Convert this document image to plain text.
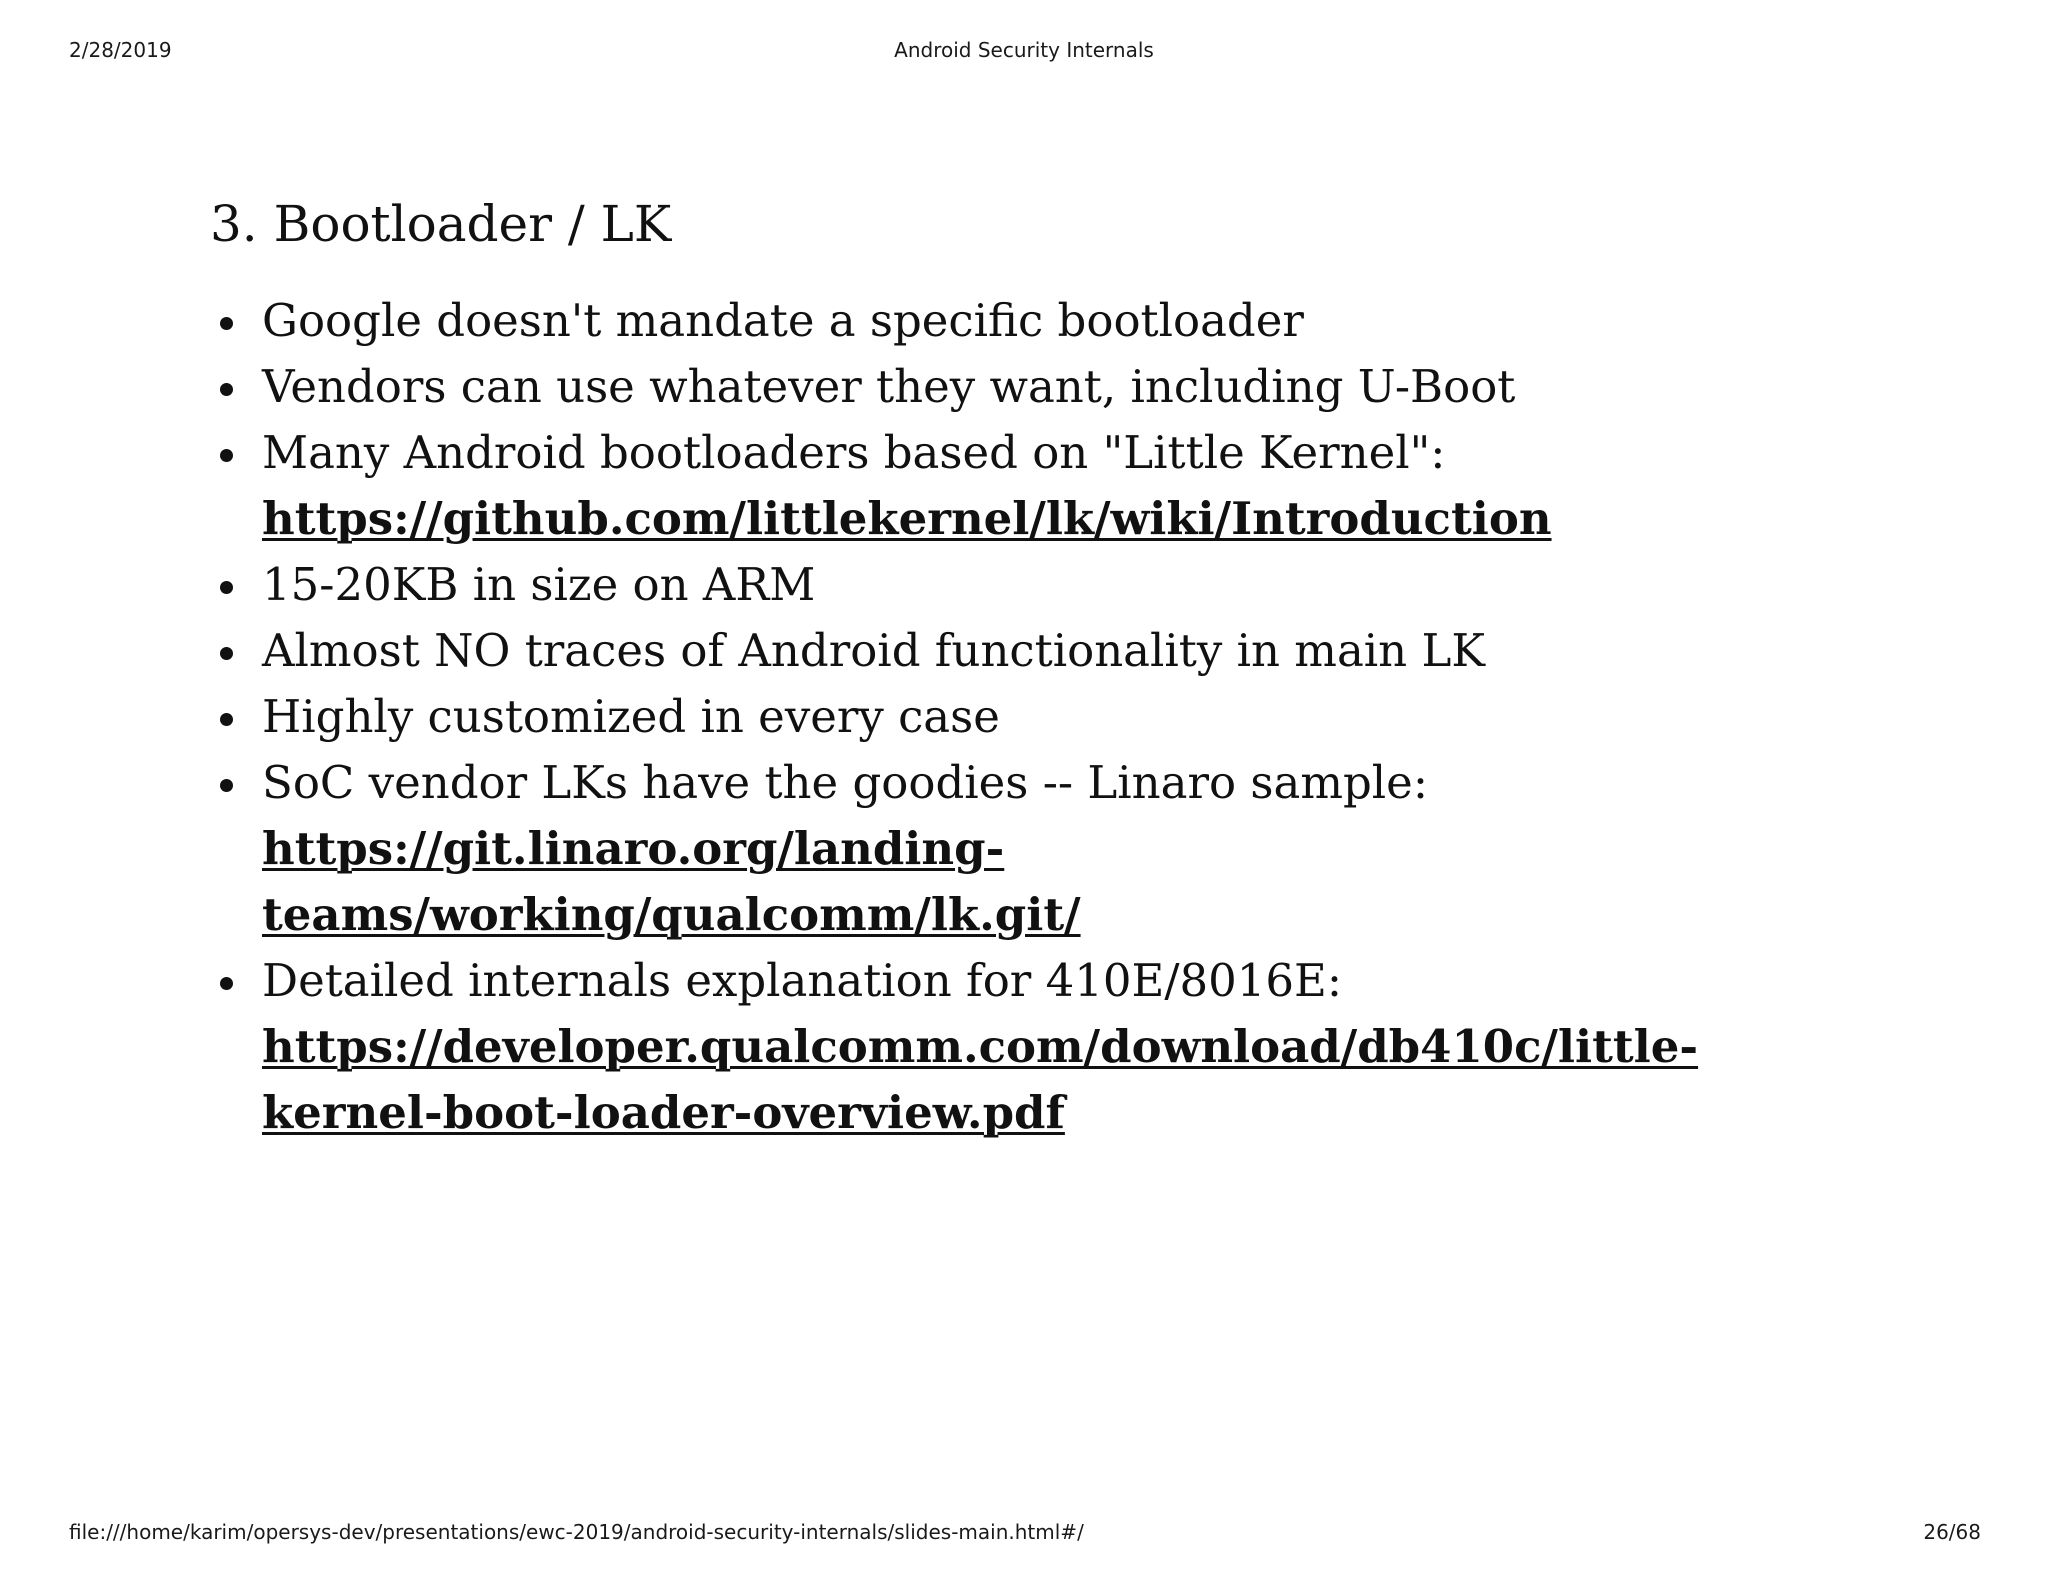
2/28/2019	Android Security Internals
3. Bootloader / LK
Google doesn't mandate a specific bootloader
Vendors can use whatever they want, including U-Boot
Many Android bootloaders based on "Little Kernel":
https://github.com/littlekernel/lk/wiki/Introduction
15-20KB in size on ARM
Almost NO traces of Android functionality in main LK
Highly customized in every case
SoC vendor LKs have the goodies -- Linaro sample:
https://git.linaro.org/landing-
teams/working/qualcomm/lk.git/
Detailed internals explanation for 410E/8016E:
https://developer.qualcomm.com/download/db410c/little-
kernel-boot-loader-overview.pdf
file:///home/karim/opersys-dev/presentations/ewc-2019/android-security-internals/slides-main.html#/	26/68
